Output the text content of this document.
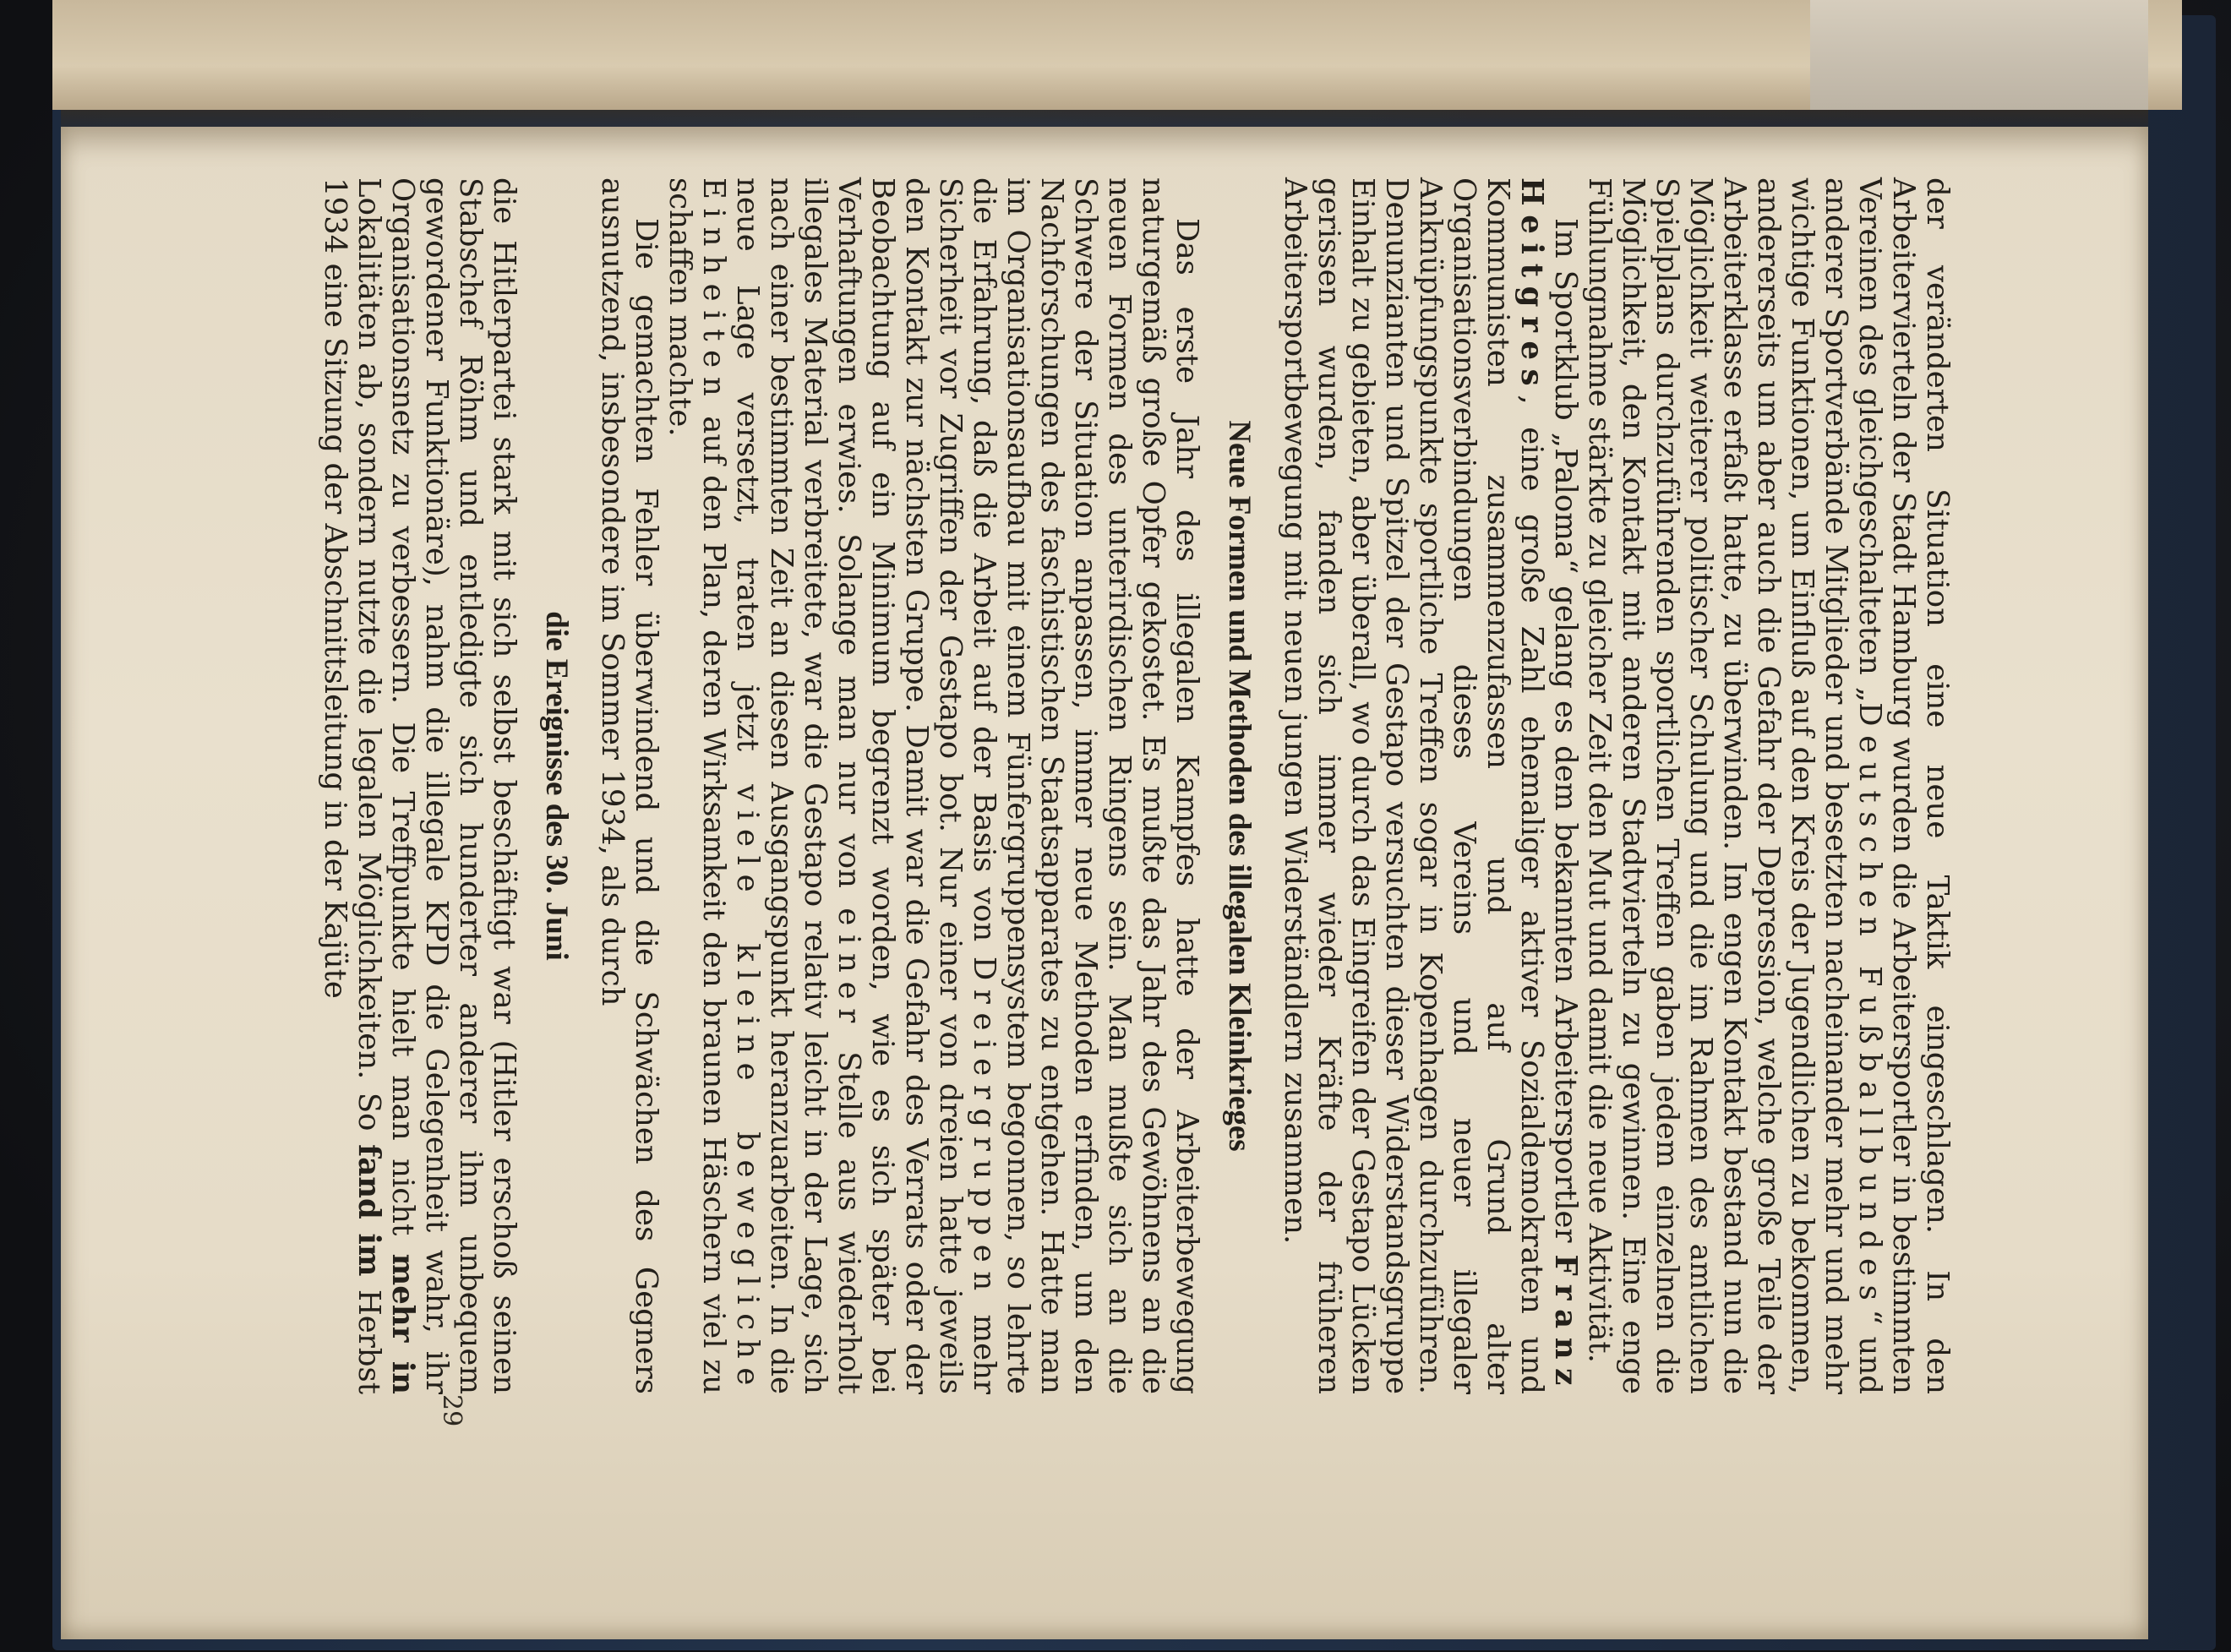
der veränderten Situation eine neue Taktik eingeschlagen. In den Arbeitervierteln der Stadt Hamburg wurden die Arbeitersportler in bestimmten Vereinen des gleichgeschalteten „Deutschen Fußballbundes“ und anderer Sportverbände Mitglieder und besetzten nacheinander mehr und mehr wichtige Funktionen, um Einfluß auf den Kreis der Jugendlichen zu bekommen, andererseits um aber auch die Gefahr der Depression, welche große Teile der Arbeiterklasse erfaßt hatte, zu überwinden. Im engen Kontakt bestand nun die Möglichkeit weiterer politischer Schulung und die im Rahmen des amtlichen Spielplans durchzuführenden sportlichen Treffen gaben jedem einzelnen die Möglichkeit, den Kontakt mit anderen Stadtvierteln zu gewinnen. Eine enge Fühlungnahme stärkte zu gleicher Zeit den Mut und damit die neue Aktivität.

Im Sportklub „Paloma“ gelang es dem bekannten Arbeitersportler Franz Heitgres, eine große Zahl ehemaliger aktiver Sozialdemokraten und Kommunisten zusammenzufassen und auf Grund alter Organisationsverbindungen dieses Vereins und neuer illegaler Anknüpfungspunkte sportliche Treffen sogar in Kopenhagen durchzuführen. Denunzianten und Spitzel der Gestapo versuchten dieser Widerstandsgruppe Einhalt zu gebieten, aber überall, wo durch das Eingreifen der Gestapo Lücken gerissen wurden, fanden sich immer wieder Kräfte der früheren Arbeitersportbewegung mit neuen jungen Widerständlern zusammen.

Neue Formen und Methoden des illegalen Kleinkrieges

Das erste Jahr des illegalen Kampfes hatte der Arbeiterbewegung naturgemäß große Opfer gekostet. Es mußte das Jahr des Gewöhnens an die neuen Formen des unterirdischen Ringens sein. Man mußte sich an die Schwere der Situation anpassen, immer neue Methoden erfinden, um den Nachforschungen des faschistischen Staatsapparates zu entgehen. Hatte man im Organisationsaufbau mit einem Fünfergruppensystem begonnen, so lehrte die Erfahrung, daß die Arbeit auf der Basis von Dreiergruppen mehr Sicherheit vor Zugriffen der Gestapo bot. Nur einer von dreien hatte jeweils den Kontakt zur nächsten Gruppe. Damit war die Gefahr des Verrats oder der Beobachtung auf ein Minimum begrenzt worden, wie es sich später bei Verhaftungen erwies. Solange man nur von einer Stelle aus wiederholt illegales Material verbreitete, war die Gestapo relativ leicht in der Lage, sich nach einer bestimmten Zeit an diesen Ausgangspunkt heranzuarbeiten. In die neue Lage versetzt, traten jetzt viele kleine bewegliche Einheiten auf den Plan, deren Wirksamkeit den braunen Häschern viel zu schaffen machte.

Die gemachten Fehler überwindend und die Schwächen des Gegners ausnutzend, insbesondere im Sommer 1934, als durch

die Ereignisse des 30. Juni

die Hitlerpartei stark mit sich selbst beschäftigt war (Hitler erschoß seinen Stabschef Röhm und entledigte sich hunderter anderer ihm unbequem gewordener Funktionäre), nahm die illegale KPD die Gelegenheit wahr, ihr Organisationsnetz zu verbessern. Die Treffpunkte hielt man nicht mehr in Lokalitäten ab, sondern nutzte die legalen Möglichkeiten. So fand im Herbst 1934 eine Sitzung der Abschnittsleitung in der Kajüte

29
